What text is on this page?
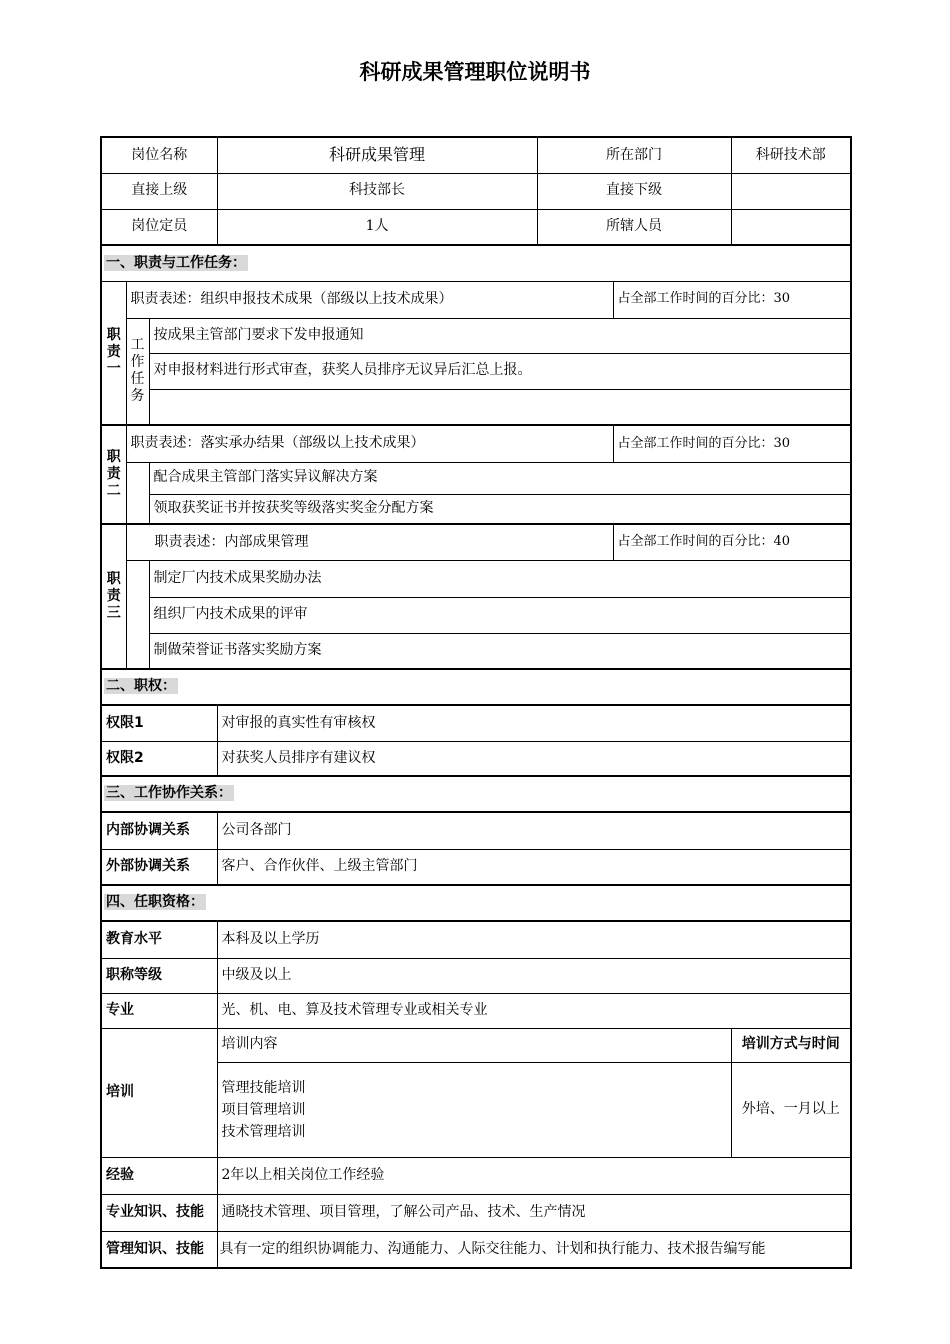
科研成果管理职位说明书
岗位名称			科研成果管理	所在部门		科研技术部
直接上级			科技部长	直接下级		
岗位定员			1人	所辖人员		
一、职责与工作任务：						
职责一	职责表述：组织申报技术成果（部级以上技术成果）				占全部工作时间的百分比：30	
	工作任务	按成果主管部门要求下发申报通知				
		对申报材料进行形式审查，获奖人员排序无议异后汇总上报。				

职责二	职责表述：落实承办结果（部级以上技术成果）				占全部工作时间的百分比：30	
		配合成果主管部门落实异议解决方案				
		领取获奖证书并按获奖等级落实奖金分配方案				
职责三	职责表述：内部成果管理				占全部工作时间的百分比：40	
		制定厂内技术成果奖励办法				
		组织厂内技术成果的评审				
		制做荣誉证书落实奖励方案				
二、职权：						
权限1			对审报的真实性有审核权			
权限2			对获奖人员排序有建议权			
三、工作协作关系：						
内部协调关系			公司各部门			
外部协调关系			客户、合作伙伴、上级主管部门			
四、任职资格：						
教育水平			本科及以上学历			
职称等级			中级及以上			
专业			光、机、电、算及技术管理专业或相关专业			
培训			培训内容			培训方式与时间

			管理技能培训
项目管理培训
技术管理培训			外培、一月以上
经验			2年以上相关岗位工作经验			
专业知识、技能			通晓技术管理、项目管理，了解公司产品、技术、生产情况			
管理知识、技能			具有一定的组织协调能力、沟通能力、人际交往能力、计划和执行能力、技术报告编写能			
